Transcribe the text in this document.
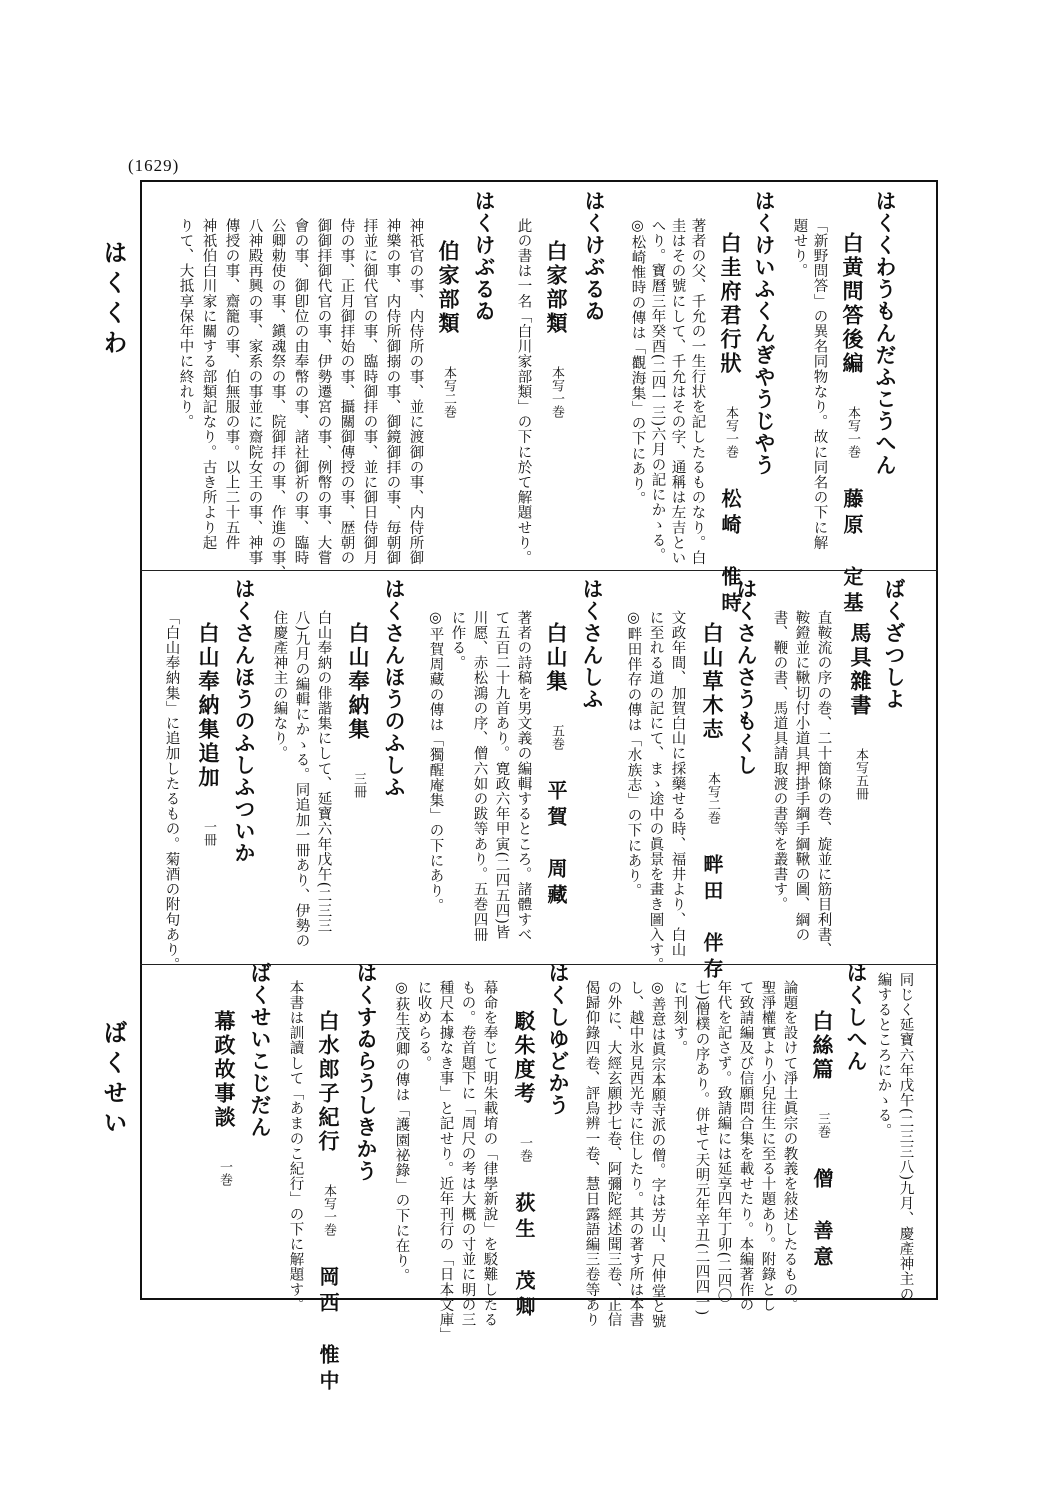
(1629)
はくくわ
ばくせい
はくくわうもんだふこうへん
白黄問答後編本写一巻藤原　定基
「新野問答」の異名同物なり。故に同名の下に解
題せり。
はくけいふくんぎやうじやう
白圭府君行狀本写一巻松崎　惟時
著者の父、千允の一生行状を記したるものなり。白
圭はその號にして、千允はその字、通稱は左吉とい
へり。寶曆三年癸酉(二四一三)六月の記にかゝる。
◎松崎惟時の傳は「觀海集」の下にあり。
はくけぶるゐ
白家部類本写一巻
此の書は一名「白川家部類」の下に於て解題せり。
はくけぶるゐ
伯家部類本写二巻
神祇官の事、内侍所の事、並に渡御の事、内侍所御
神樂の事、内侍所御搦の事、御鏡御拝の事、毎朝御
拝並に御代官の事、臨時御拝の事、並に御日侍御月
侍の事、正月御拝始の事、攝關御傳授の事、歴朝の
御御拝御代官の事、伊勢遷宮の事、例幣の事、大嘗
會の事、御卽位の由奉幣の事、諸社御祈の事、臨時
公卿勅使の事、鎭魂祭の事、院御拝の事、作進の事、
八神殿再興の事、家系の事並に齋院女王の事、神事
傳授の事、齋籠の事、伯無服の事。以上二十五件
神祇伯白川家に關する部類記なり。古き所より起
りて、大抵享保年中に終れり。
ばくざつしよ
馬具雜書本写五冊
直鞍流の序の巻、二十箇條の巻、旋並に筋目利書、
鞍鐙並に鞦切付小道具押掛手綱手綱鞦の圖、綱の
書、鞭の書、馬道具請取渡の書等を叢書す。
はくさんさうもくし
白山草木志本写二巻畔田　伴存
文政年間、加賀白山に採藥せる時、福井より、白山
に至れる道の記にて、まゝ途中の眞景を畫き圖入す。
◎畔田伴存の傳は「水族志」の下にあり。
はくさんしふ
白山集五巻平賀　周藏
著者の詩稿を男文義の編輯するところ。諸體すべ
て五百二十九首あり。寛政六年甲寅(二四五四)皆
川愿、赤松鴻の序、僧六如の跋等あり。五巻四冊
に作る。
◎平賀周藏の傳は「獨醒庵集」の下にあり。
はくさんほうのふしふ
白山奉納集三冊
白山奉納の俳諧集にして、延寶六年戊午(二三三
八)九月の編輯にかゝる。同追加一冊あり、伊勢の
住慶產神主の編なり。
はくさんほうのふしふついか
白山奉納集追加一冊
「白山奉納集」に追加したるもの。菊酒の附句あり。
同じく延寶六年戊午(二三三八)九月、慶產神主の
編するところにかゝる。
はくしへん
白絲篇三巻僧　善意
論題を設けて淨土眞宗の教義を敍述したるもの。
聖淨權實より小兒往生に至る十題あり。附錄とし
て致請編及び信願問合集を載せたり。本編著作の
年代を記さず。致請編には延享四年丁卯(二四〇
七)僧樸の序あり。併せて天明元年辛丑(二四四一)
に刊刻す。
◎善意は眞宗本願寺派の僧。字は芳山、尺伸堂と號
し、越中氷見西光寺に住したり。其の著す所は本書
の外に、大經玄願抄七卷、阿彌陀經述聞三卷、正信
偈歸仰錄四卷、評鳥辨一卷、慧日露語編三卷等あり
はくしゆどかう
駁朱度考一巻荻生　茂卿
幕命を奉じて明朱載堉の「律學新說」を駁難したる
もの。卷首題下に「周尺の考は大概の寸並に明の三
種尺本據なき事」と記せり。近年刊行の「日本文庫」
に收めらる。
◎荻生茂卿の傳は「護園祕錄」の下に在り。
はくすゐらうしきかう
白水郎子紀行本写一巻岡西　惟中
本書は訓讀して「あまのこ紀行」の下に解題す。
ばくせいこじだん
幕政故事談一巻
